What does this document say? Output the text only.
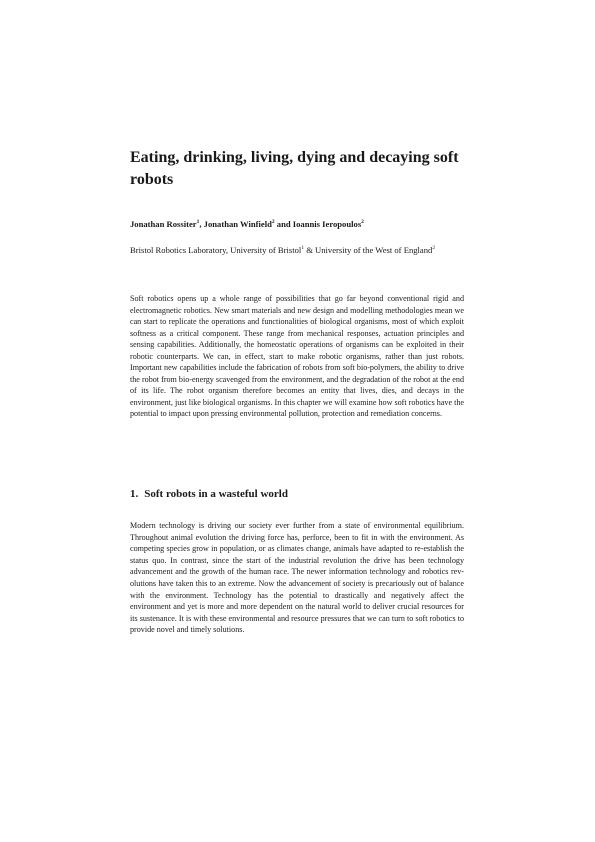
Eating, drinking, living, dying and decaying soft robots
Jonathan Rossiter$^1$, Jonathan Winfield$^2$ and Ioannis Ieropoulos$^2$
Bristol Robotics Laboratory, University of Bristol$^1$ & University of the West of England$^2$

Soft robotics opens up a whole range of possibilities that go far beyond conventional rigid and electromagnetic robotics. New smart materials and new design and modelling methodologies mean we can start to replicate the operations and functionalities of biological organisms, most of which exploit softness as a critical component. These range from mechanical responses, actuation principles and sensing capabilities. Additionally, the homeostatic operations of organisms can be exploited in their robotic counterparts. We can, in effect, start to make robotic organisms, rather than just robots. Important new capabilities include the fabrication of robots from soft bio-polymers, the ability to drive the robot from bio-energy scavenged from the environment, and the degradation of the robot at the end of its life. The robot organism therefore becomes an entity that lives, dies, and decays in the environment, just like biological organisms. In this chapter we will examine how soft robotics have the potential to impact upon pressing environmental pollution, protection and remediation concerns.

1. Soft robots in a wasteful world

Modern technology is driving our society ever further from a state of environmental equilibrium. Throughout animal evolution the driving force has, perforce, been to fit in with the environment. As competing species grow in population, or as climates change, animals have adapted to re-establish the status quo. In contrast, since the start of the industrial revolution the drive has been technology advancement and the growth of the human race. The newer information technology and robotics revolutions have taken this to an extreme. Now the advancement of society is precariously out of balance with the environment. Technology has the potential to drastically and negatively affect the environment and yet is more and more dependent on the natural world to deliver crucial resources for its sustenance. It is with these environmental and resource pressures that we can turn to soft robotics to provide novel and timely solutions.
